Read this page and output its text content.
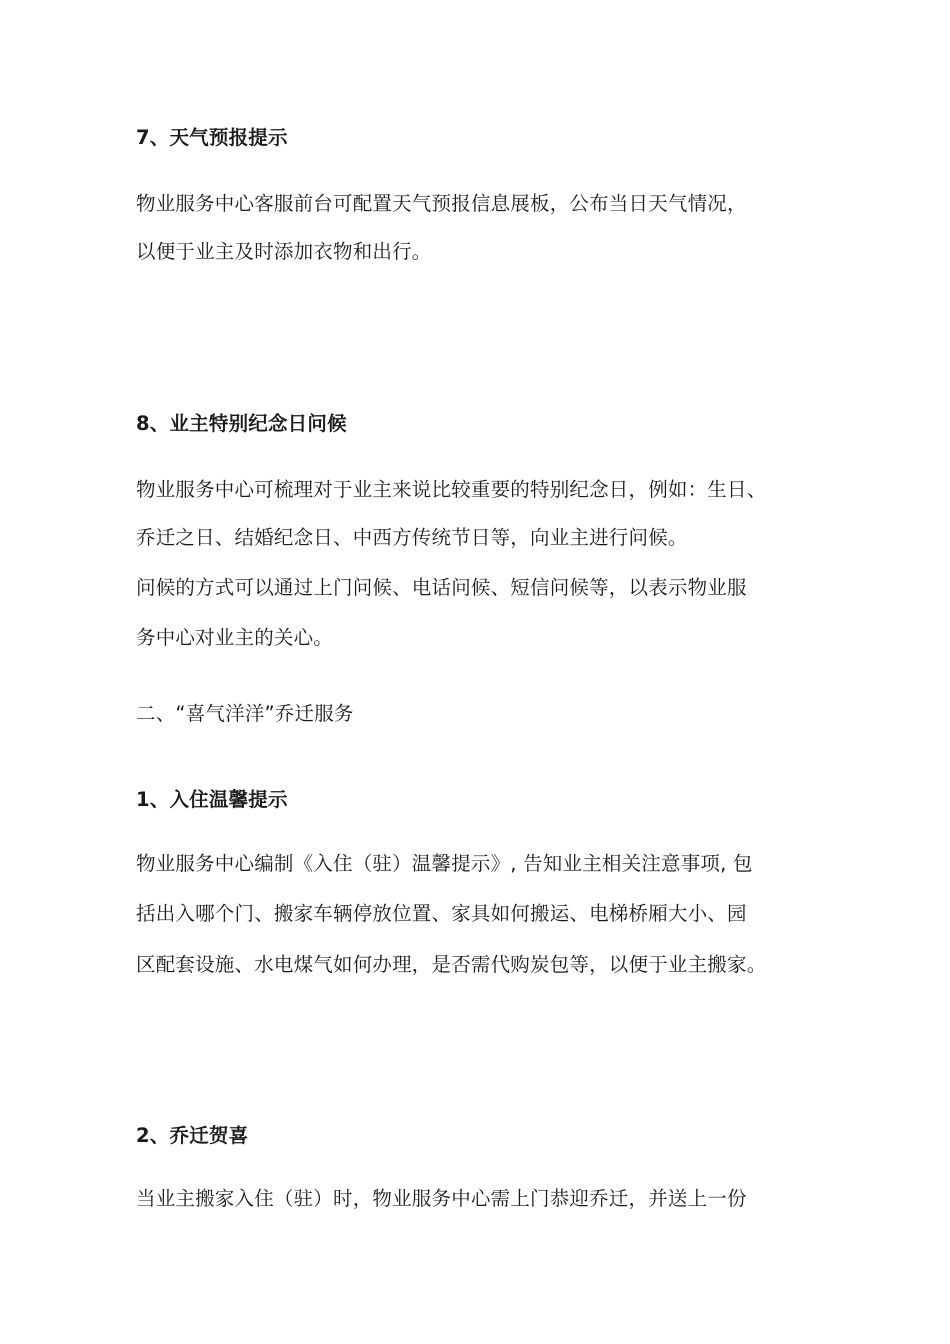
7、天气预报提示
物业服务中心客服前台可配置天气预报信息展板，公布当日天气情况，
以便于业主及时添加衣物和出行。
8、业主特别纪念日问候
物业服务中心可梳理对于业主来说比较重要的特别纪念日，例如：生日、
乔迁之日、结婚纪念日、中西方传统节日等，向业主进行问候。
问候的方式可以通过上门问候、电话问候、短信问候等，以表示物业服
务中心对业主的关心。
二、“喜气洋洋”乔迁服务
1、入住温馨提示
物业服务中心编制《入住（驻）温馨提示》, 告知业主相关注意事项, 包
括出入哪个门、搬家车辆停放位置、家具如何搬运、电梯桥厢大小、园
区配套设施、水电煤气如何办理，是否需代购炭包等，以便于业主搬家。
2、乔迁贺喜
当业主搬家入住（驻）时，物业服务中心需上门恭迎乔迁，并送上一份
